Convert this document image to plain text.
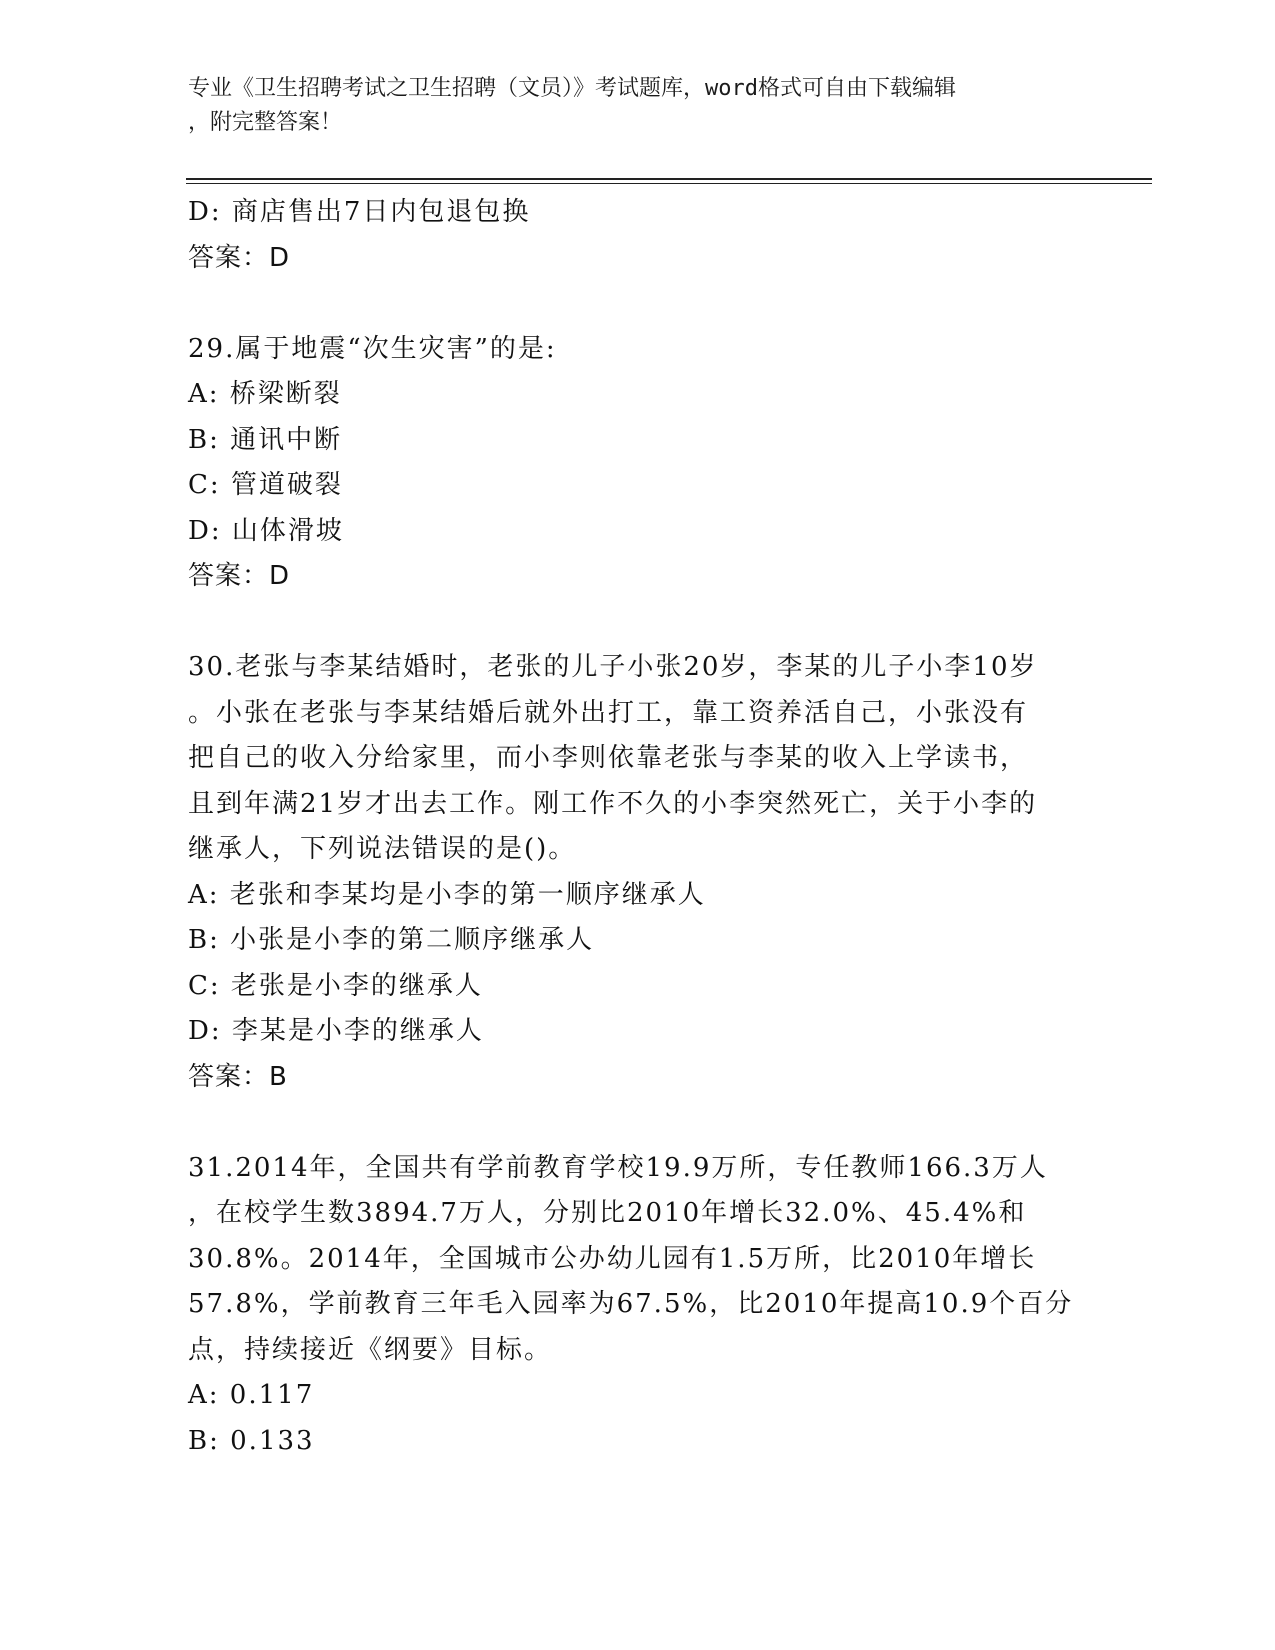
专业《卫生招聘考试之卫生招聘（文员）》考试题库，word格式可自由下载编辑
，附完整答案！
D: 商店售出7日内包退包换
答案：D
29.属于地震“次生灾害”的是:
A: 桥梁断裂
B: 通讯中断
C: 管道破裂
D: 山体滑坡
答案：D
30.老张与李某结婚时，老张的儿子小张20岁，李某的儿子小李10岁
。小张在老张与李某结婚后就外出打工，靠工资养活自己，小张没有
把自己的收入分给家里，而小李则依靠老张与李某的收入上学读书，
且到年满21岁才出去工作。刚工作不久的小李突然死亡，关于小李的
继承人，下列说法错误的是()。
A: 老张和李某均是小李的第一顺序继承人
B: 小张是小李的第二顺序继承人
C: 老张是小李的继承人
D: 李某是小李的继承人
答案：B
31.2014年，全国共有学前教育学校19.9万所，专任教师166.3万人
，在校学生数3894.7万人，分别比2010年增长32.0%、45.4%和
30.8%。2014年，全国城市公办幼儿园有1.5万所，比2010年增长
57.8%，学前教育三年毛入园率为67.5%，比2010年提高10.9个百分
点，持续接近《纲要》目标。
A: 0.117
B: 0.133
